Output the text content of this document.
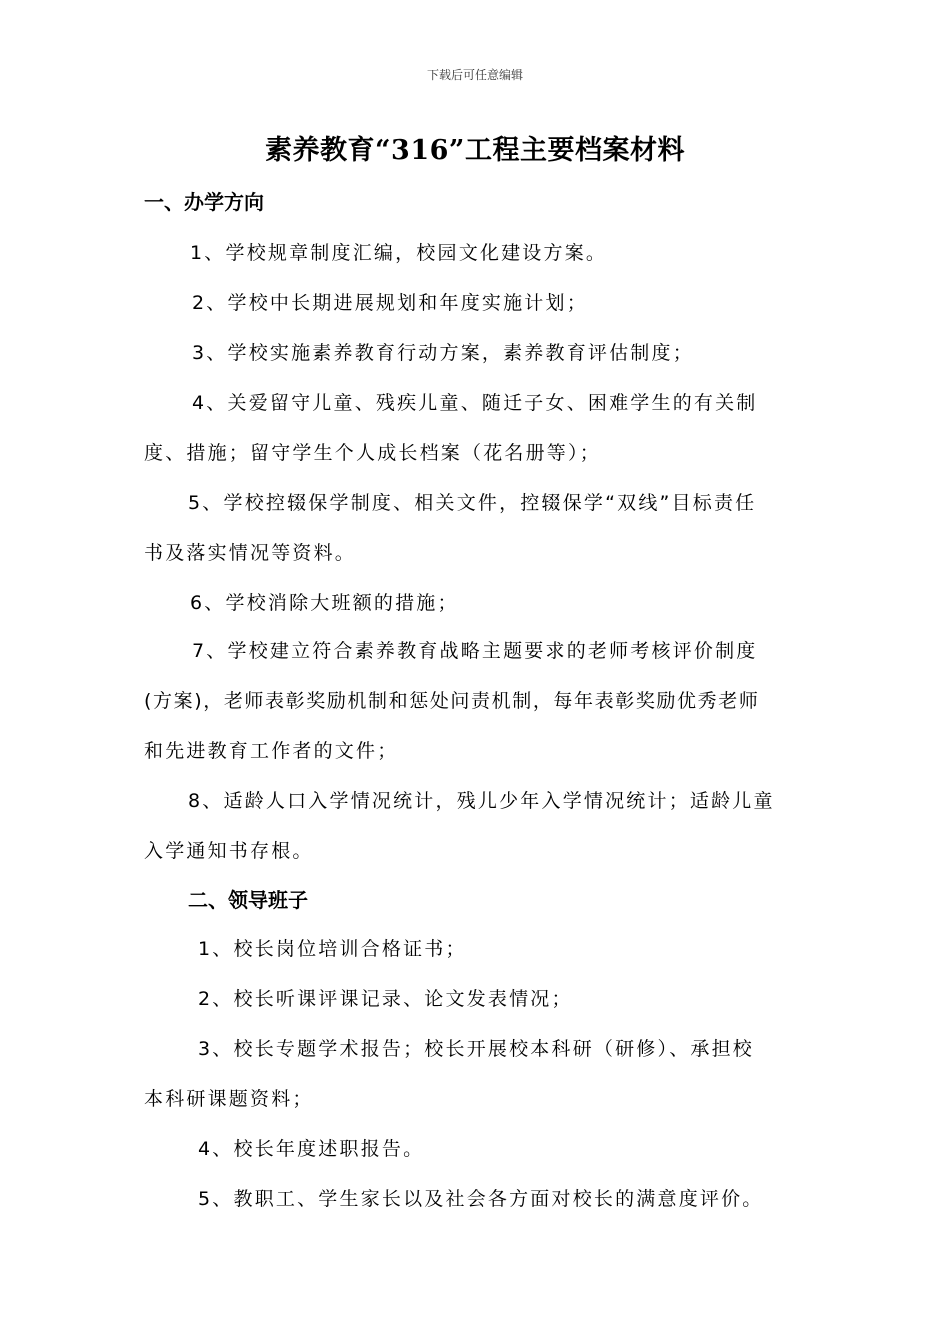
下载后可任意编辑
素养教育“316”工程主要档案材料
一、办学方向
1、学校规章制度汇编，校园文化建设方案。
2、学校中长期进展规划和年度实施计划；
3、学校实施素养教育行动方案，素养教育评估制度；
4、关爱留守儿童、残疾儿童、随迁子女、困难学生的有关制
度、措施；留守学生个人成长档案（花名册等）；
5、学校控辍保学制度、相关文件，控辍保学“双线”目标责任
书及落实情况等资料。
6、学校消除大班额的措施；
7、学校建立符合素养教育战略主题要求的老师考核评价制度
(方案)，老师表彰奖励机制和惩处问责机制，每年表彰奖励优秀老师
和先进教育工作者的文件；
8、适龄人口入学情况统计，残儿少年入学情况统计；适龄儿童
入学通知书存根。
二、领导班子
1、校长岗位培训合格证书；
2、校长听课评课记录、论文发表情况；
3、校长专题学术报告；校长开展校本科研（研修）、承担校
本科研课题资料；
4、校长年度述职报告。
5、教职工、学生家长以及社会各方面对校长的满意度评价。
